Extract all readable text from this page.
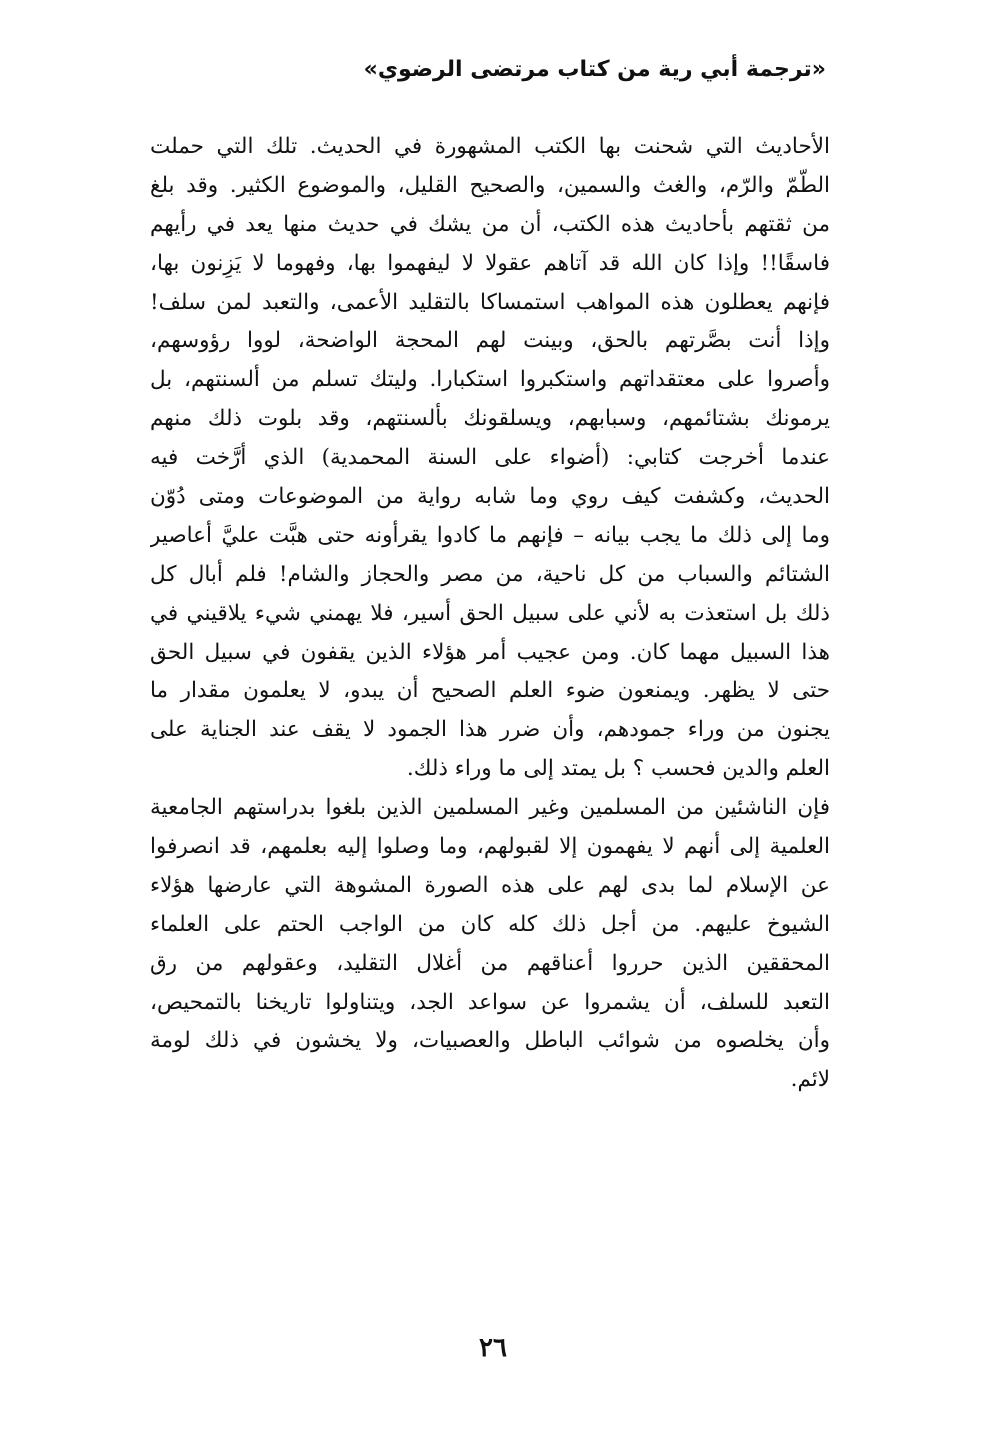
«ترجمة أبي رية من كتاب مرتضى الرضوي»
الأحاديث التي شحنت بها الكتب المشهورة في الحديث. تلك التي حملت
الطّمّ والرّم، والغث والسمين، والصحيح القليل، والموضوع الكثير. وقد بلغ
من ثقتهم بأحاديث هذه الكتب، أن من يشك في حديث منها يعد في رأيهم
فاسقًا!! وإذا كان الله قد آتاهم عقولا لا ليفهموا بها، وفهوما لا يَزِنون بها،
فإنهم يعطلون هذه المواهب استمساكا بالتقليد الأعمى، والتعبد لمن سلف!
وإذا أنت بصَّرتهم بالحق، وبينت لهم المحجة الواضحة، لووا رؤوسهم،
وأصروا على معتقداتهم واستكبروا استكبارا. وليتك تسلم من ألسنتهم، بل
يرمونك بشتائمهم، وسبابهم، ويسلقونك بألسنتهم، وقد بلوت ذلك منهم
عندما أخرجت كتابي: (أضواء على السنة المحمدية) الذي أرَّخت فيه
الحديث، وكشفت كيف روي وما شابه رواية من الموضوعات ومتى دُوّن
وما إلى ذلك ما يجب بيانه – فإنهم ما كادوا يقرأونه حتى هبَّت عليَّ أعاصير
الشتائم والسباب من كل ناحية، من مصر والحجاز والشام! فلم أبال كل
ذلك بل استعذت به لأني على سبيل الحق أسير، فلا يهمني شيء يلاقيني في
هذا السبيل مهما كان. ومن عجيب أمر هؤلاء الذين يقفون في سبيل الحق
حتى لا يظهر. ويمنعون ضوء العلم الصحيح أن يبدو، لا يعلمون مقدار ما
يجنون من وراء جمودهم، وأن ضرر هذا الجمود لا يقف عند الجناية على
العلم والدين فحسب ؟ بل يمتد إلى ما وراء ذلك.
فإن الناشئين من المسلمين وغير المسلمين الذين بلغوا بدراستهم الجامعية
العلمية إلى أنهم لا يفهمون إلا لقبولهم، وما وصلوا إليه بعلمهم، قد انصرفوا
عن الإسلام لما بدى لهم على هذه الصورة المشوهة التي عارضها هؤلاء
الشيوخ عليهم. من أجل ذلك كله كان من الواجب الحتم على العلماء
المحققين الذين حرروا أعناقهم من أغلال التقليد، وعقولهم من رق
التعبد للسلف، أن يشمروا عن سواعد الجد، ويتناولوا تاريخنا بالتمحيص،
وأن يخلصوه من شوائب الباطل والعصبيات، ولا يخشون في ذلك لومة
لائم.
٢٦
